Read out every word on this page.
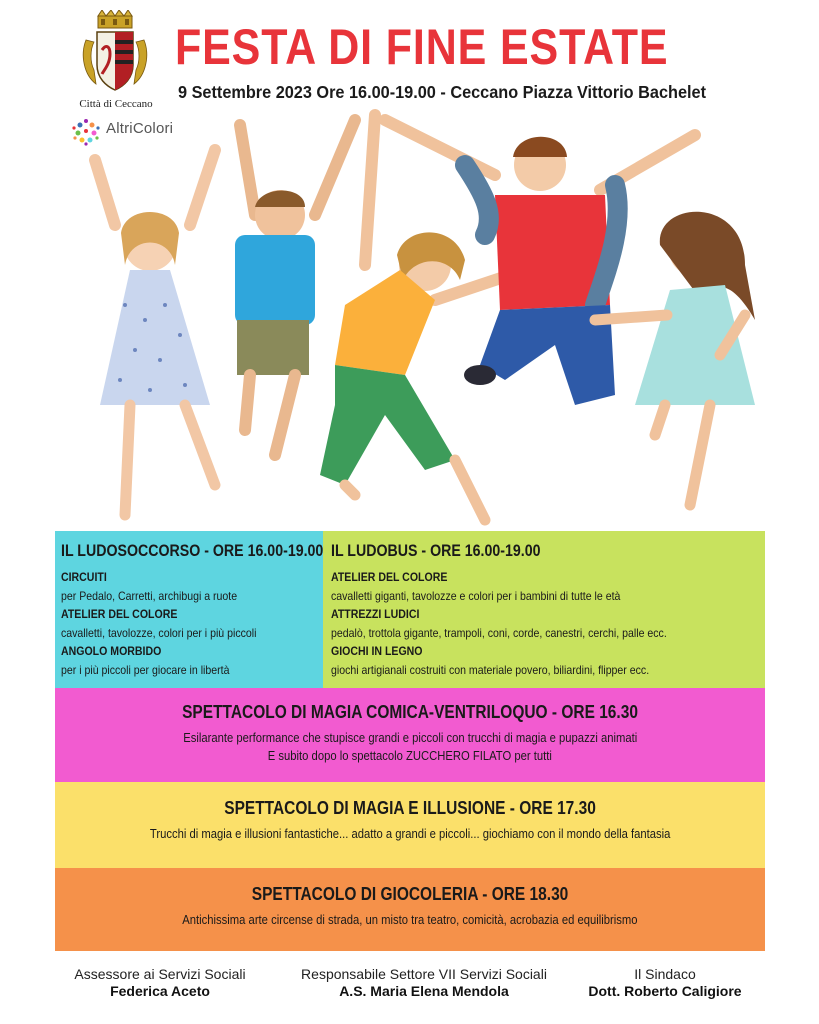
Città di Ceccano
AltriColori
FESTA DI FINE ESTATE
9 Settembre 2023 Ore 16.00-19.00 - Ceccano Piazza Vittorio Bachelet
IL LUDOSOCCORSO - ORE 16.00-19.00
CIRCUITI
per Pedalo, Carretti, archibugi a ruote
ATELIER DEL COLORE
cavalletti, tavolozze, colori per i più piccoli
ANGOLO MORBIDO
per i più piccoli per giocare in libertà
IL LUDOBUS - ORE 16.00-19.00
ATELIER DEL COLORE
cavalletti giganti, tavolozze e colori per i bambini di tutte le età
ATTREZZI LUDICI
pedalò, trottola gigante, trampoli, coni, corde, canestri, cerchi, palle ecc.
GIOCHI IN LEGNO
giochi artigianali costruiti con materiale povero, biliardini, flipper ecc.
SPETTACOLO DI MAGIA COMICA-VENTRILOQUO - ORE 16.30
Esilarante performance che stupisce grandi e piccoli con trucchi di magia e pupazzi animati
E subito dopo lo spettacolo ZUCCHERO FILATO per tutti
SPETTACOLO DI MAGIA E ILLUSIONE - ORE 17.30
Trucchi di magia e illusioni fantastiche... adatto a grandi e piccoli... giochiamo con il mondo della fantasia
SPETTACOLO DI GIOCOLERIA - ORE 18.30
Antichissima arte circense di strada, un misto tra teatro, comicità, acrobazia ed equilibrismo
Assessore ai Servizi Sociali
Federica Aceto
Responsabile Settore VII Servizi Sociali
A.S. Maria Elena Mendola
Il Sindaco
Dott. Roberto Caligiore
